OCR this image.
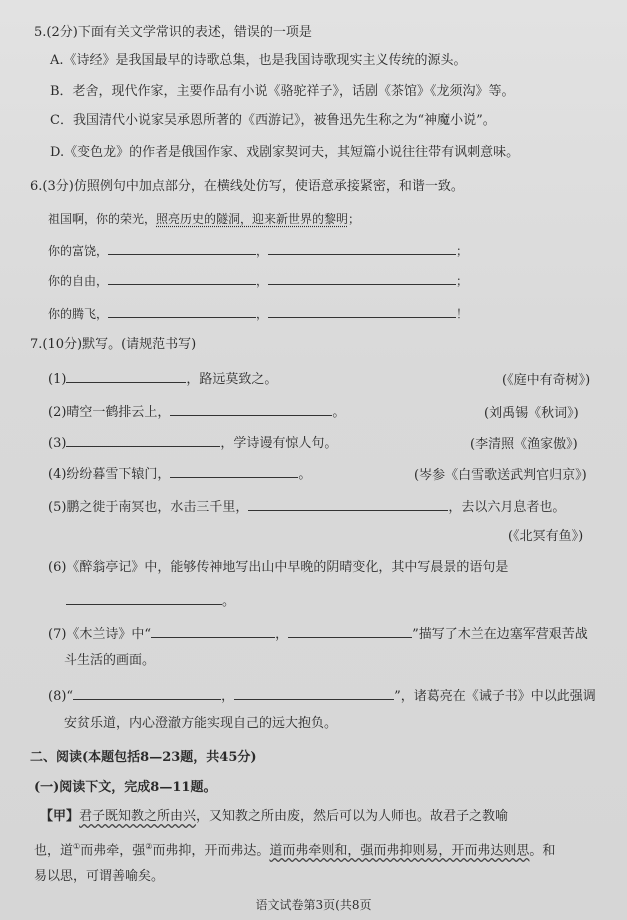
5.(2分)下面有关文学常识的表述，错误的一项是
A.《诗经》是我国最早的诗歌总集，也是我国诗歌现实主义传统的源头。
B．老舍，现代作家，主要作品有小说《骆驼祥子》，话剧《茶馆》《龙须沟》等。
C．我国清代小说家吴承恩所著的《西游记》，被鲁迅先生称之为“神魔小说”。
D.《变色龙》的作者是俄国作家、戏剧家契诃夫，其短篇小说往往带有讽刺意味。
6.(3分)仿照例句中加点部分，在横线处仿写，使语意承接紧密，和谐一致。
祖国啊，你的荣光，照亮历史的隧洞，迎来新世界的黎明；
你的富饶，	，	；
你的自由，	，	；
你的腾飞，	，	！
7.(10分)默写。(请规范书写)
(1)	，路远莫致之。	(《庭中有奇树》)
(2)晴空一鹤排云上，	。	(刘禹锡《秋词》)
(3)	，学诗谩有惊人句。	(李清照《渔家傲》)
(4)纷纷暮雪下辕门，	。	(岑参《白雪歌送武判官归京》)
(5)鹏之徙于南冥也，水击三千里，	，去以六月息者也。
(《北冥有鱼》)
(6)《醉翁亭记》中，能够传神地写出山中早晚的阴晴变化，其中写晨景的语句是
。
(7)《木兰诗》中“	，	”描写了木兰在边塞军营艰苦战
斗生活的画面。
(8)“	，	”，诸葛亮在《诫子书》中以此强调
安贫乐道，内心澄澈方能实现自己的远大抱负。
二、阅读(本题包括8—23题，共45分)
(一)阅读下文，完成8—11题。
【甲】君子既知教之所由兴，又知教之所由废，然后可以为人师也。故君子之教喻
也，道①而弗牵，强②而弗抑，开而弗达。道而弗牵则和，强而弗抑则易，开而弗达则思。和
易以思，可谓善喻矣。
语文试卷第3页(共8页
